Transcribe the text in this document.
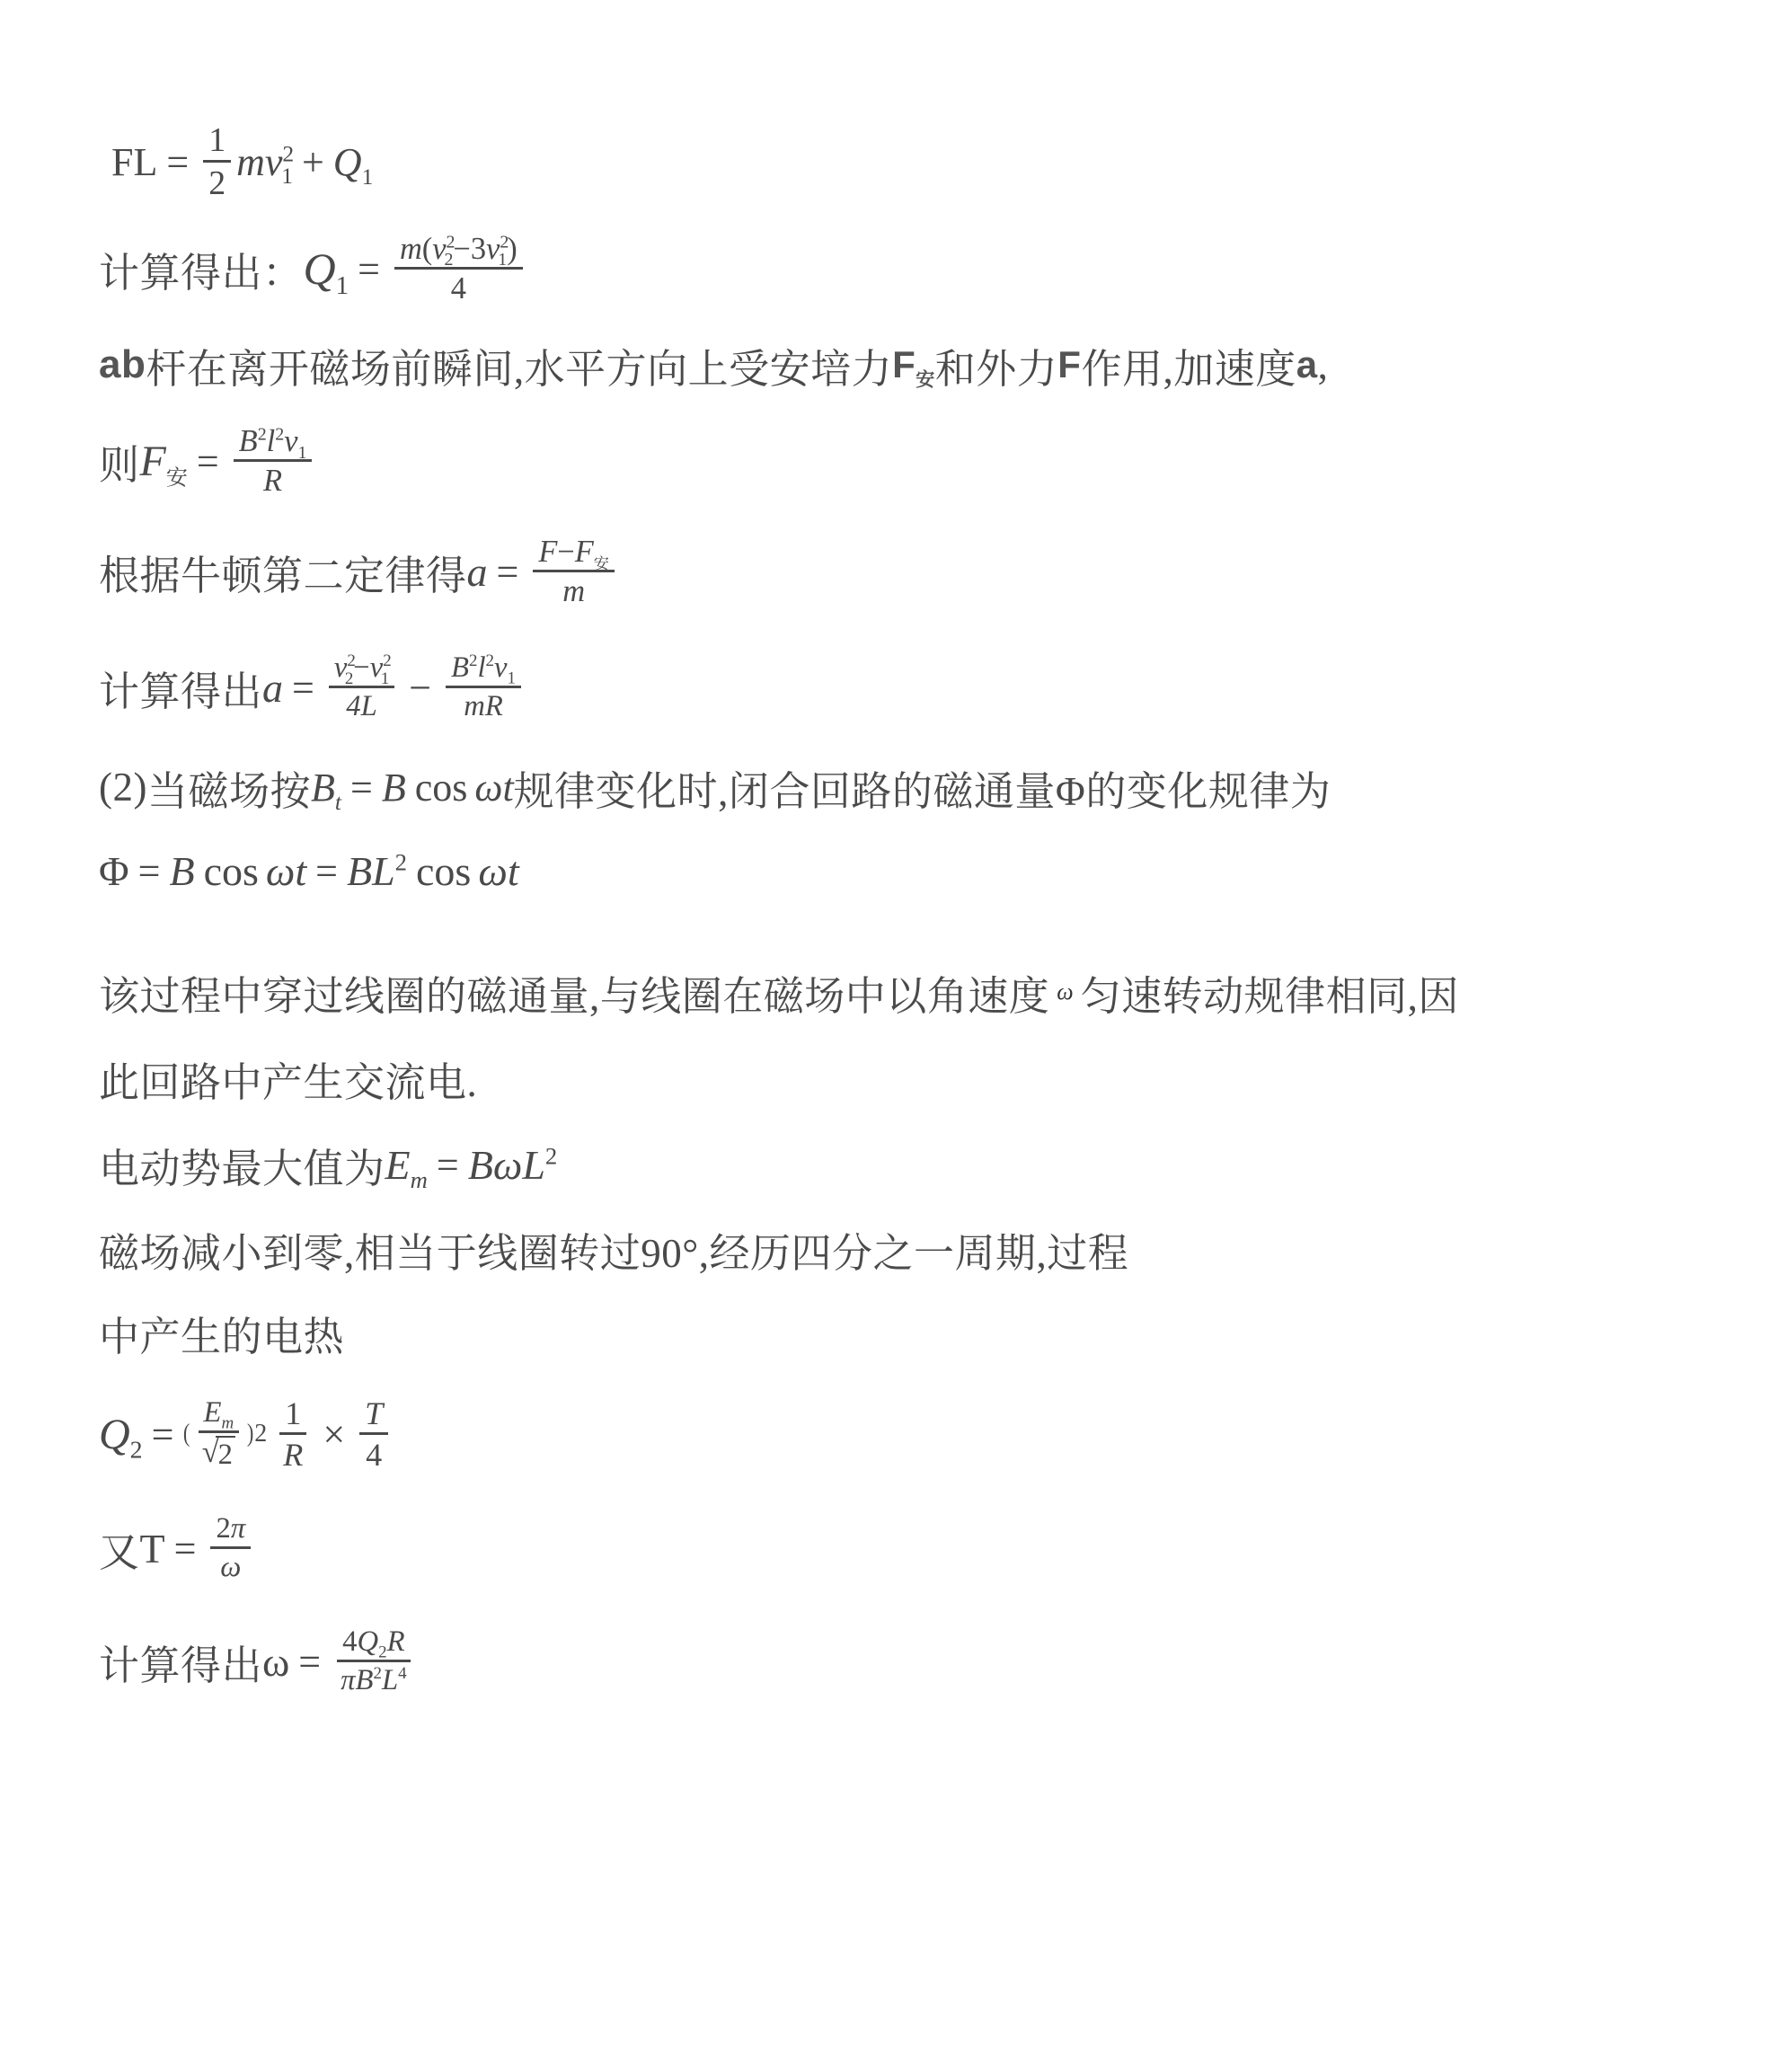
FL = $\frac{1}{2}$ m $v^2_1 + Q_1$
计算得出： $Q_1 = \frac{m(v^2_2-3v^2_1)}{4}$
ab 杆在离开磁场前瞬间,水平方向上受安培力 $F_安$ 和外力 F 作用,加速度 a ,
则 $F_安 = \frac{B^2l^2v_1}{R}$
根据牛顿第二定律得 $a = \frac{F-F_安}{m}$
计算得出 $a = \frac{v^2_2-v^2_1}{4L} - \frac{B^2l^2v_1}{mR}$
(2) 当磁场按 $B_t = B$ cos ω t 规律变化时,闭合回路的磁通量Φ的变化规律为
Φ = B cos ω $t = BL^2$ cos ω t
该过程中穿过线圈的磁通量,与线圈在磁场中以角速度 ω 匀速转动规律相同,因
此回路中产生交流电.
电动势最大值为 $E_m = B$ ω $L^2$
磁场减小到零,相当于线圈转过90°,经历四分之一周期,过程
中产生的电热
$Q_2$ = ( $\frac{E_m}{√ 2}$ ) $2 \frac{1}{R} \times \frac{T}{4}$
又 $T = \frac{2\pi}{\omega}$
计算得出 $\omega = \frac{4Q_2R}{\pi B^2L^4}$
